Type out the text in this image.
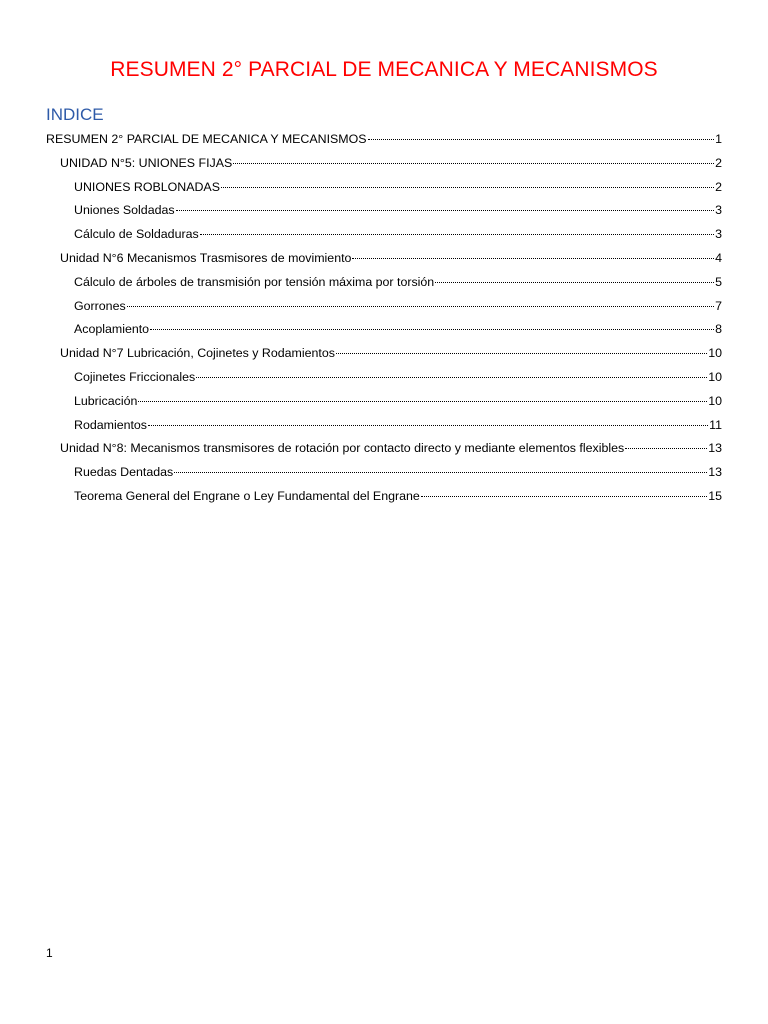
RESUMEN 2° PARCIAL DE MECANICA Y MECANISMOS
INDICE
RESUMEN 2° PARCIAL DE MECANICA Y MECANISMOS	1
UNIDAD N°5: UNIONES FIJAS	2
UNIONES ROBLONADAS	2
Uniones Soldadas	3
Cálculo de Soldaduras	3
Unidad N°6 Mecanismos Trasmisores de movimiento	4
Cálculo de árboles de transmisión por tensión máxima por torsión	5
Gorrones	7
Acoplamiento	8
Unidad N°7 Lubricación, Cojinetes y Rodamientos	10
Cojinetes Friccionales	10
Lubricación	10
Rodamientos	11
Unidad N°8: Mecanismos transmisores de rotación por contacto directo y mediante elementos flexibles	13
Ruedas Dentadas	13
Teorema General del Engrane o Ley Fundamental del Engrane	15
1
